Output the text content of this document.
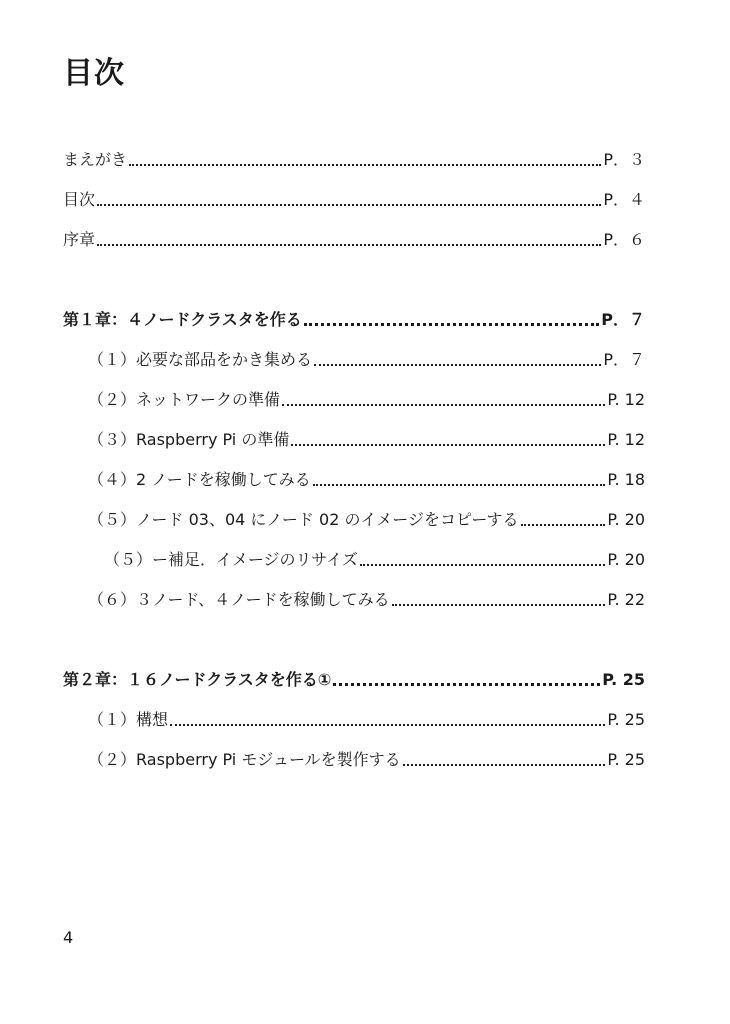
目次
まえがき	P．３
目次	P．４
序章	P．６
第１章：４ノードクラスタを作る	P．７
（１）必要な部品をかき集める	P．７
（２）ネットワークの準備	P. 12
（３）Raspberry Pi の準備	P. 12
（４）2 ノードを稼働してみる	P. 18
（５）ノード 03、04 にノード 02 のイメージをコピーする	P. 20
（５）ー補足．イメージのリサイズ	P. 20
（６）３ノード、４ノードを稼働してみる	P. 22
第２章：１６ノードクラスタを作る①	P. 25
（１）構想	P. 25
（２）Raspberry Pi モジュールを製作する	P. 25
4
